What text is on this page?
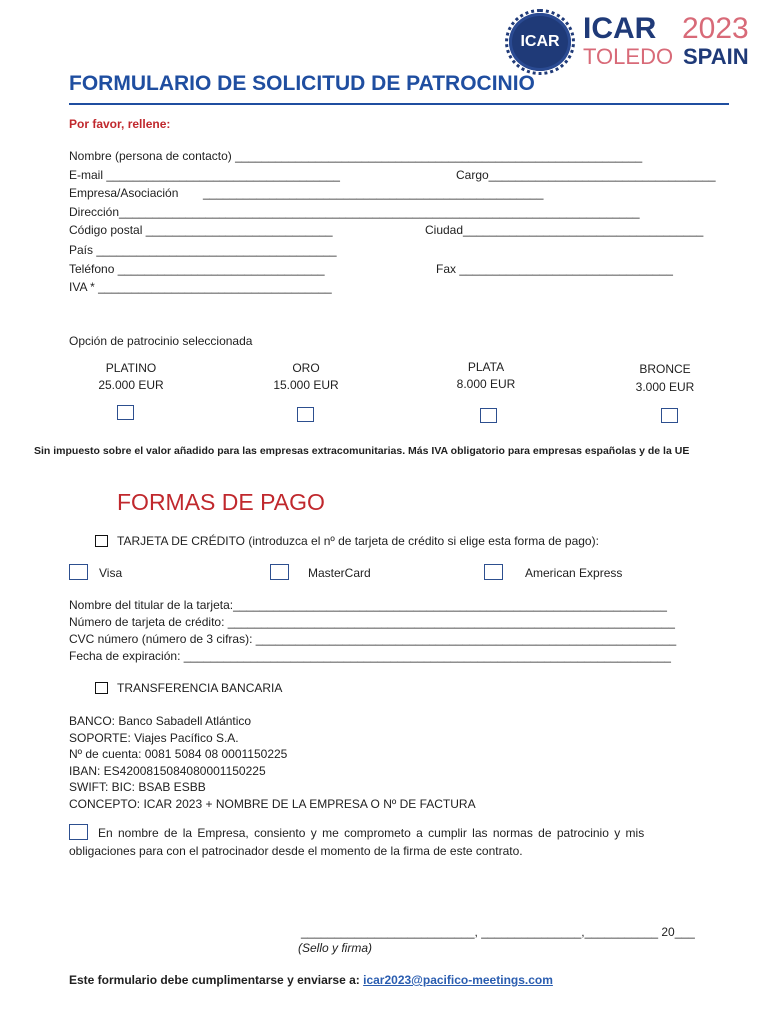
ICAR ICAR 2023
TOLEDO SPAIN
FORMULARIO DE SOLICITUD DE PATROCINIO
Por favor, rellene:
Nombre (persona de contacto) _____________________________________________________________
E-mail ___________________________________	Cargo__________________________________
Empresa/Asociación ___________________________________________________
Dirección______________________________________________________________________________
Código postal ____________________________	Ciudad____________________________________
País ____________________________________
Teléfono _______________________________	Fax ________________________________
IVA * ___________________________________
Opción de patrocinio seleccionada
PLATINO
25.000 EUR
ORO
15.000 EUR
PLATA
8.000 EUR
BRONCE
3.000 EUR
Sin impuesto sobre el valor añadido para las empresas extracomunitarias. Más IVA obligatorio para empresas españolas y de la UE
FORMAS DE PAGO
TARJETA DE CRÉDITO (introduzca el nº de tarjeta de crédito si elige esta forma de pago):
Visa	MasterCard	American Express
Nombre del titular de la tarjeta:_________________________________________________________________
Número de tarjeta de crédito: ___________________________________________________________________
CVC número (número de 3 cifras): _______________________________________________________________
Fecha de expiración: _________________________________________________________________________
TRANSFERENCIA BANCARIA
BANCO: Banco Sabadell Atlántico
SOPORTE: Viajes Pacífico S.A.
Nº de cuenta: 0081 5084 08 0001150225
IBAN: ES4200815084080001150225
SWIFT: BIC: BSAB ESBB
CONCEPTO: ICAR 2023 + NOMBRE DE LA EMPRESA O Nº DE FACTURA
En nombre de la Empresa, consiento y me comprometo a cumplir las normas de patrocinio y mis
obligaciones para con el patrocinador desde el momento de la firma de este contrato.
__________________________, _______________,___________ 20___
(Sello y firma)
Este formulario debe cumplimentarse y enviarse a: icar2023@pacifico-meetings.com
